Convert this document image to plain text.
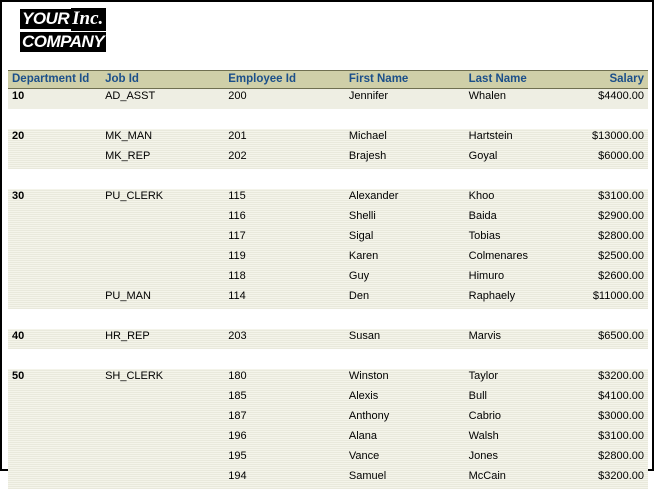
YOUR Inc.
COMPANY
Department Id	Job Id	Employee Id	First Name	Last Name	Salary
10	AD_ASST	200	Jennifer	Whalen	$4400.00

20	MK_MAN	201	Michael	Hartstein	$13000.00
	MK_REP	202	Brajesh	Goyal	$6000.00

30	PU_CLERK	115	Alexander	Khoo	$3100.00
		116	Shelli	Baida	$2900.00
		117	Sigal	Tobias	$2800.00
		119	Karen	Colmenares	$2500.00
		118	Guy	Himuro	$2600.00
	PU_MAN	114	Den	Raphaely	$11000.00

40	HR_REP	203	Susan	Marvis	$6500.00

50	SH_CLERK	180	Winston	Taylor	$3200.00
		185	Alexis	Bull	$4100.00
		187	Anthony	Cabrio	$3000.00
		196	Alana	Walsh	$3100.00
		195	Vance	Jones	$2800.00
		194	Samuel	McCain	$3200.00
